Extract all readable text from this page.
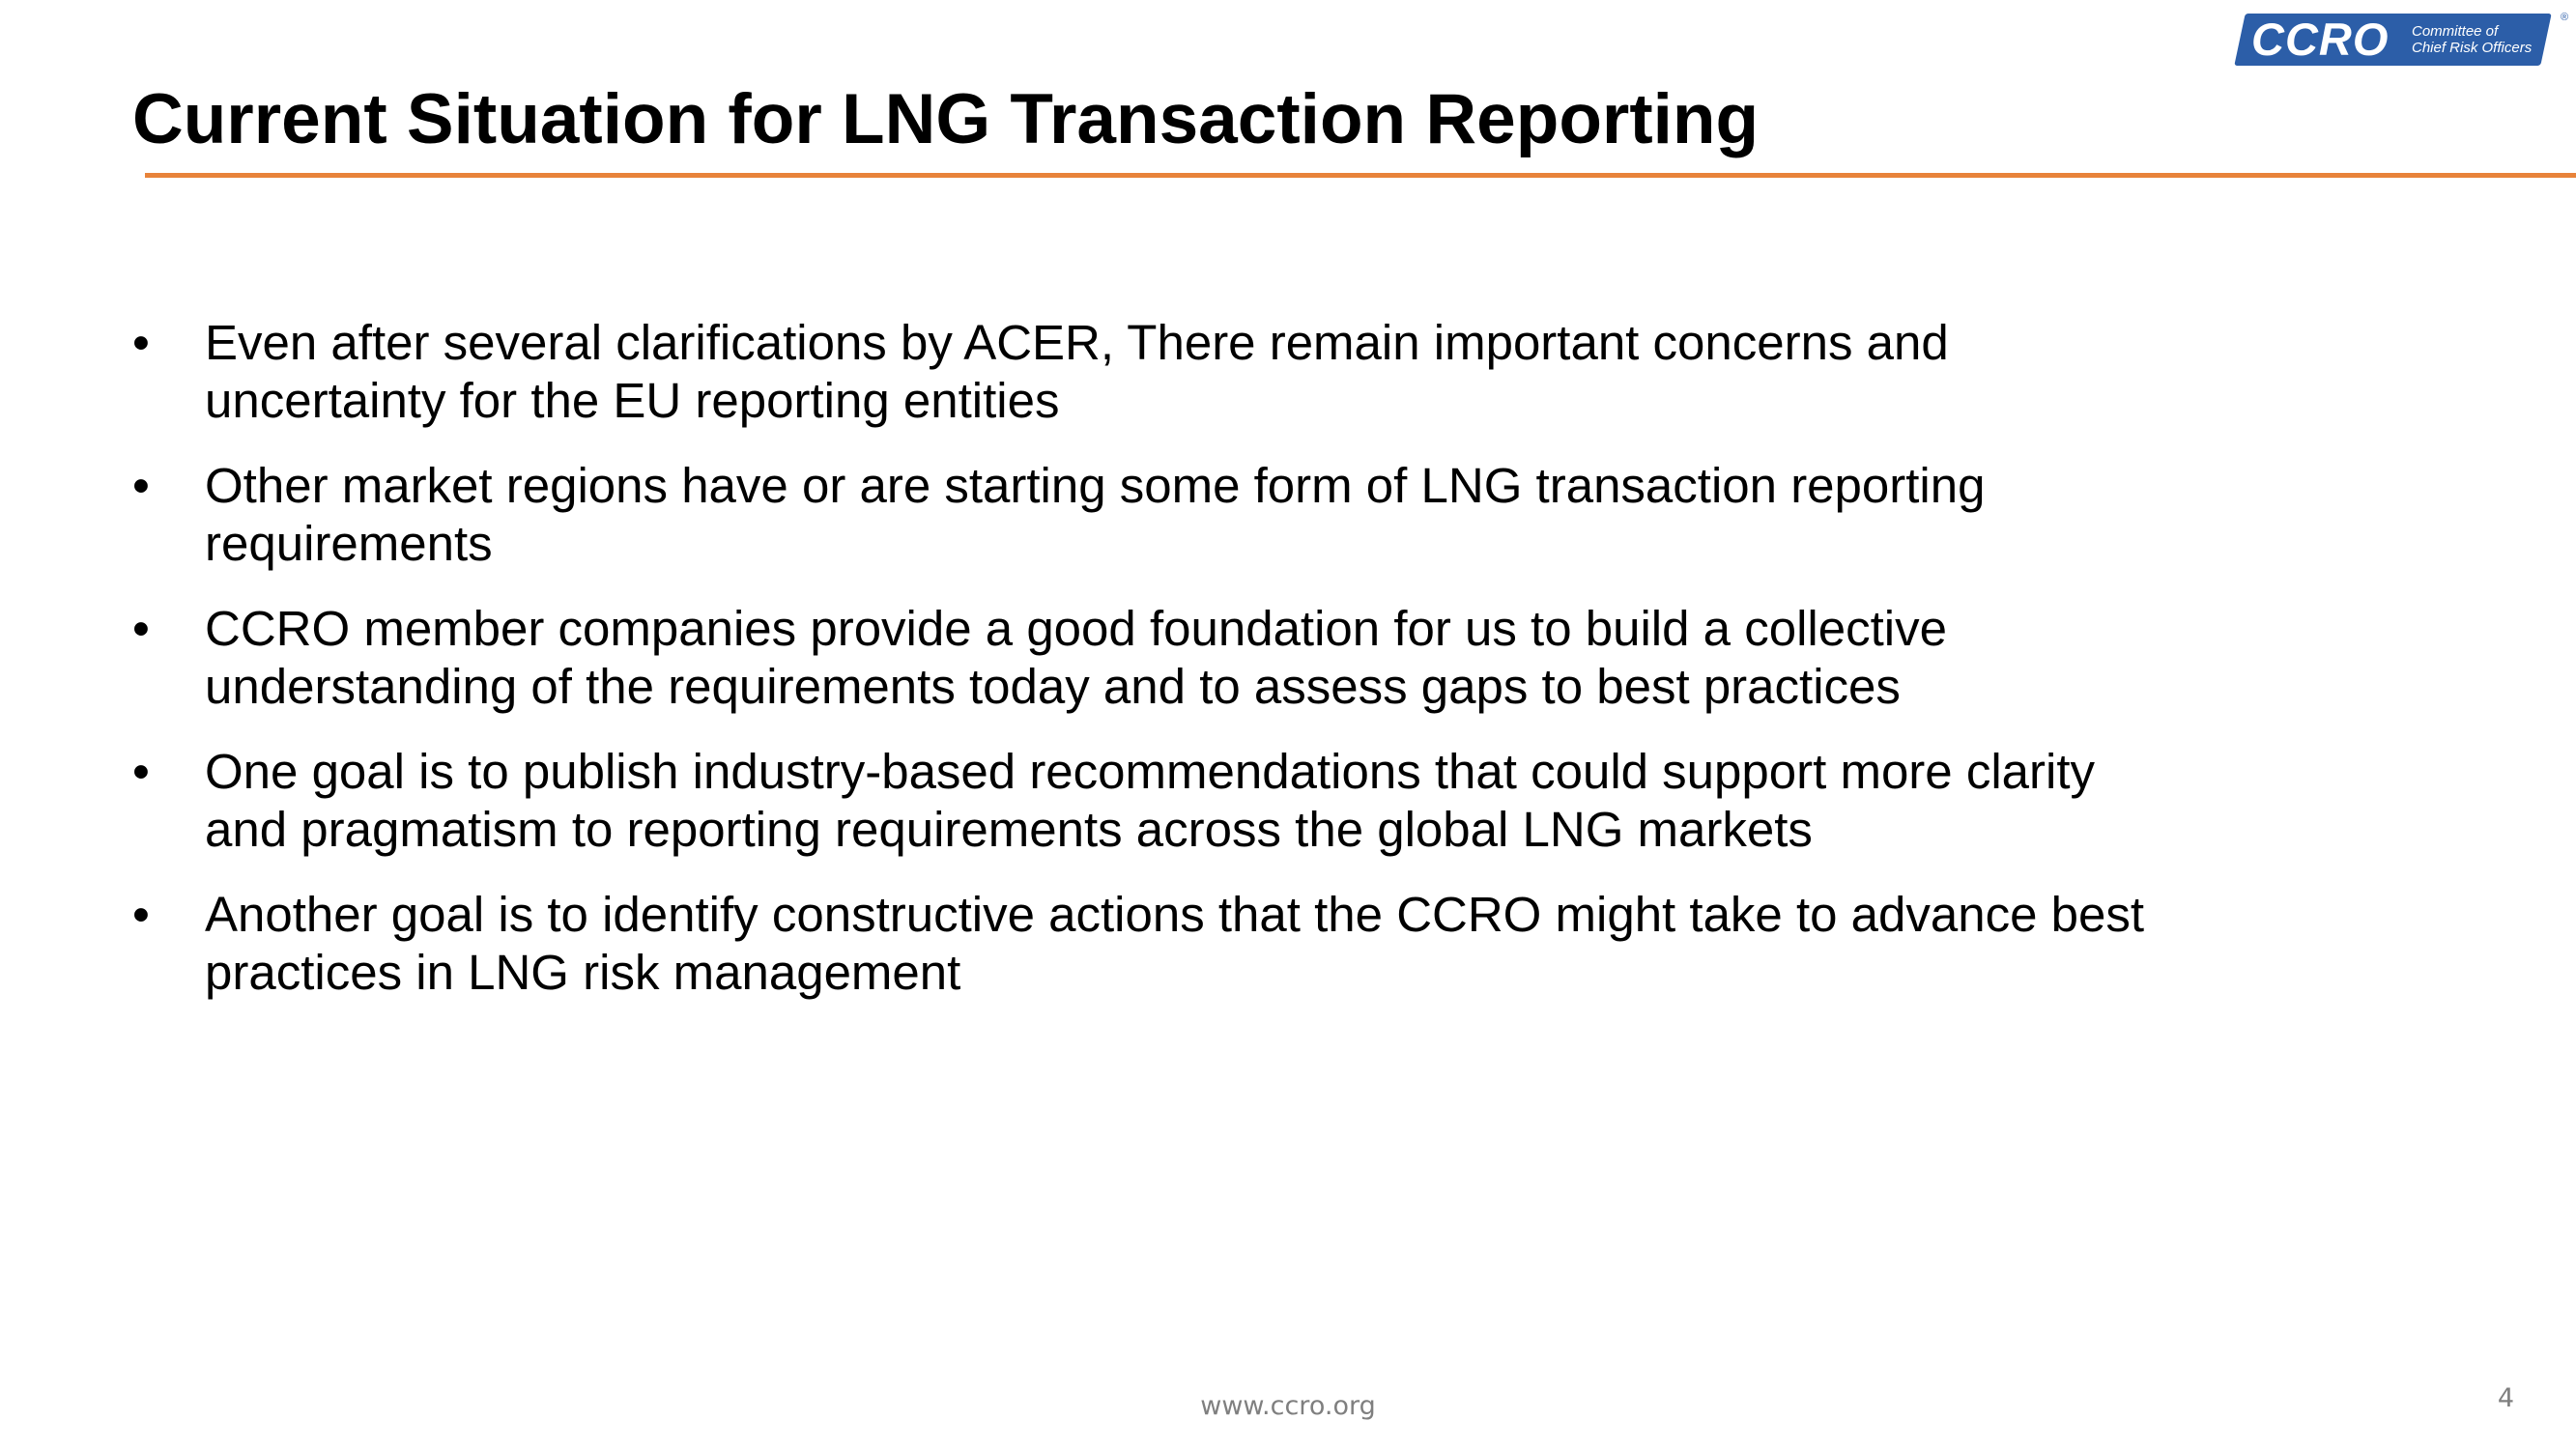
CCRO Committee of
Chief Risk Officers
®
Current Situation for LNG Transaction Reporting
• Even after several clarifications by ACER, There remain important concerns and
uncertainty for the EU reporting entities
• Other market regions have or are starting some form of LNG transaction reporting
requirements
• CCRO member companies provide a good foundation for us to build a collective
understanding of the requirements today and to assess gaps to best practices
• One goal is to publish industry-based recommendations that could support more clarity
and pragmatism to reporting requirements across the global LNG markets
• Another goal is to identify constructive actions that the CCRO might take to advance best
practices in LNG risk management
www.ccro.org	4
